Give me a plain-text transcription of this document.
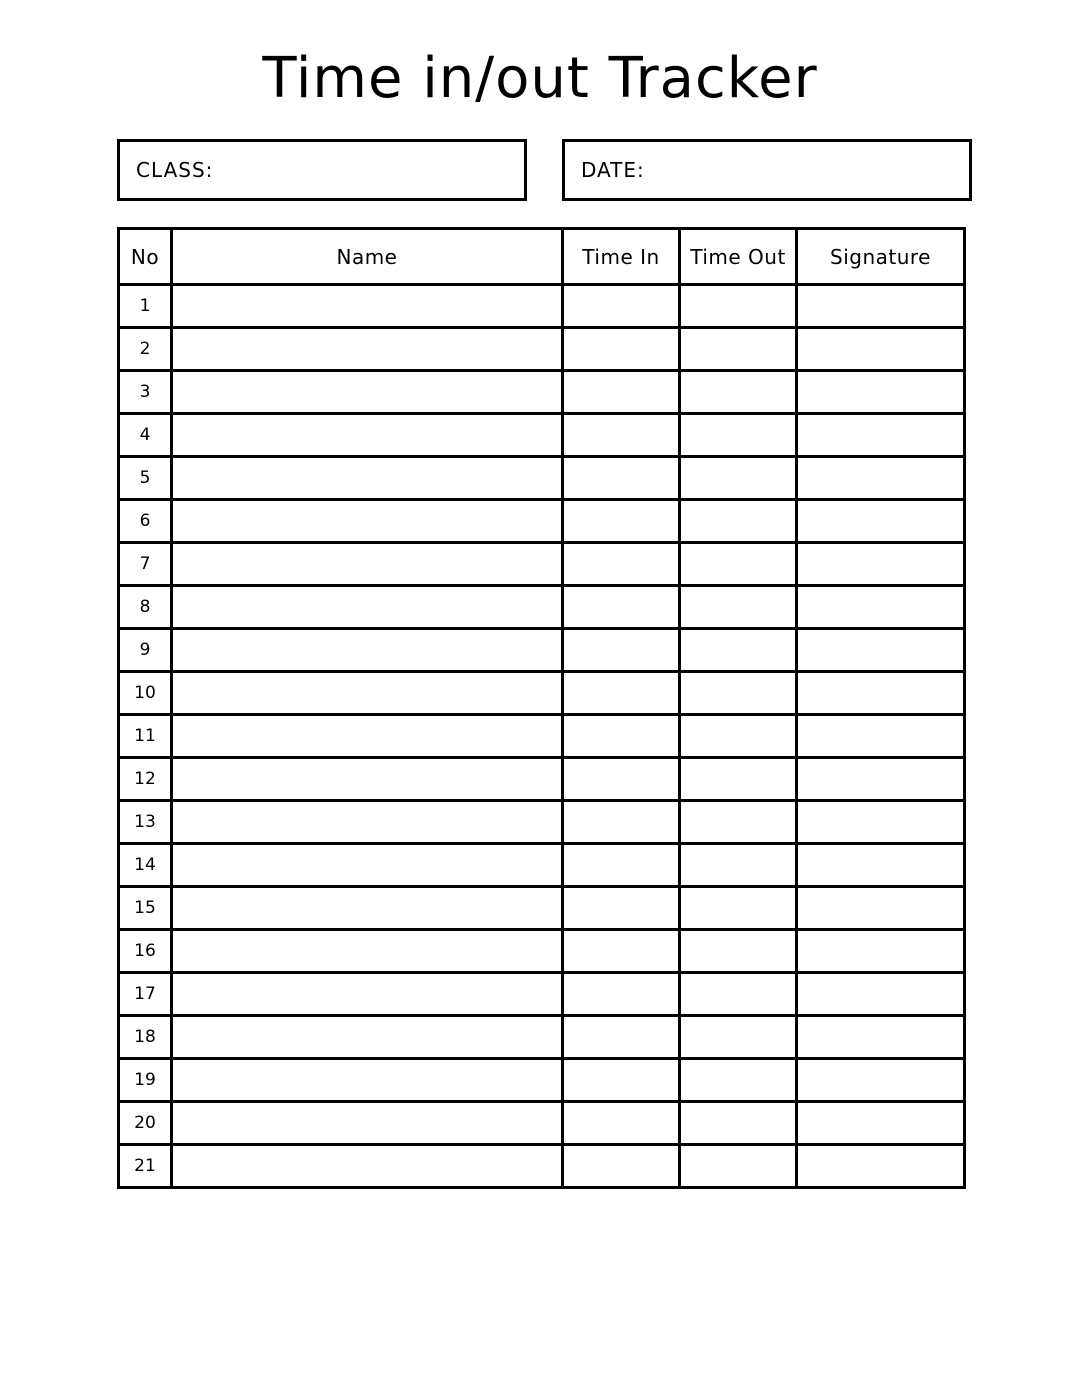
Time in/out Tracker
CLASS:	DATE:
No	Name	Time In	Time Out	Signature
1				
2				
3				
4				
5				
6				
7				
8				
9				
10				
11				
12				
13				
14				
15				
16				
17				
18				
19				
20				
21				
